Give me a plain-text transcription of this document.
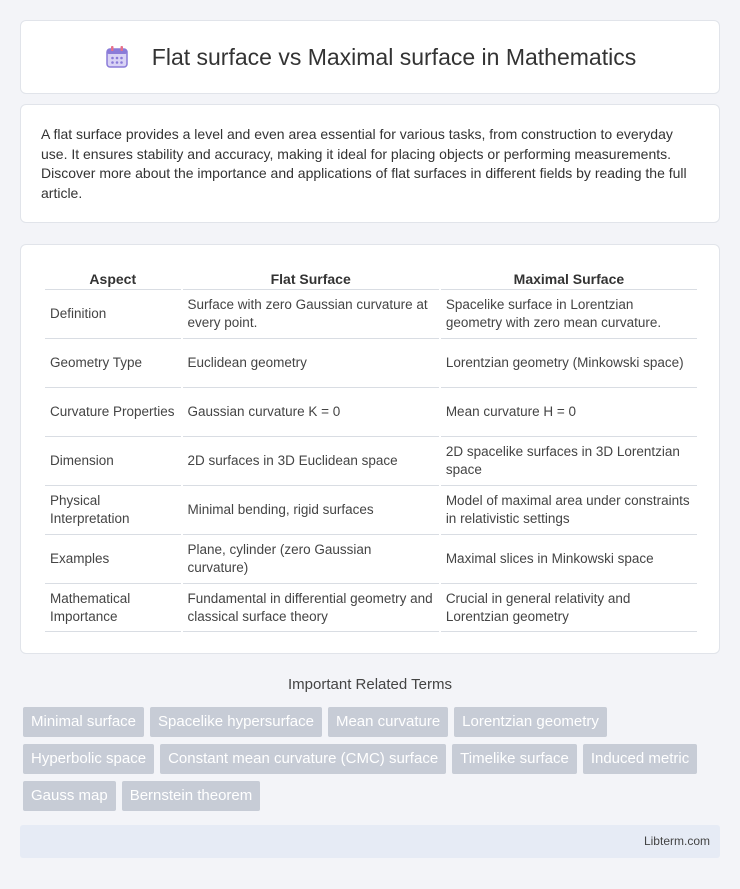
Flat surface vs Maximal surface in Mathematics

A flat surface provides a level and even area essential for various tasks, from construction to everyday use. It ensures stability and accuracy, making it ideal for placing objects or performing measurements. Discover more about the importance and applications of flat surfaces in different fields by reading the full article.

Aspect	Flat Surface	Maximal Surface
Definition	Surface with zero Gaussian curvature at every point.	Spacelike surface in Lorentzian geometry with zero mean curvature.
Geometry Type	Euclidean geometry	Lorentzian geometry (Minkowski space)
Curvature Properties	Gaussian curvature K = 0	Mean curvature H = 0
Dimension	2D surfaces in 3D Euclidean space	2D spacelike surfaces in 3D Lorentzian space
Physical Interpretation	Minimal bending, rigid surfaces	Model of maximal area under constraints in relativistic settings
Examples	Plane, cylinder (zero Gaussian curvature)	Maximal slices in Minkowski space
Mathematical Importance	Fundamental in differential geometry and classical surface theory	Crucial in general relativity and Lorentzian geometry
Important Related Terms
Minimal surface	Spacelike hypersurface	Mean curvature	Lorentzian geometry
Hyperbolic space	Constant mean curvature (CMC) surface	Timelike surface	Induced metric
Gauss map	Bernstein theorem
Libterm.com
